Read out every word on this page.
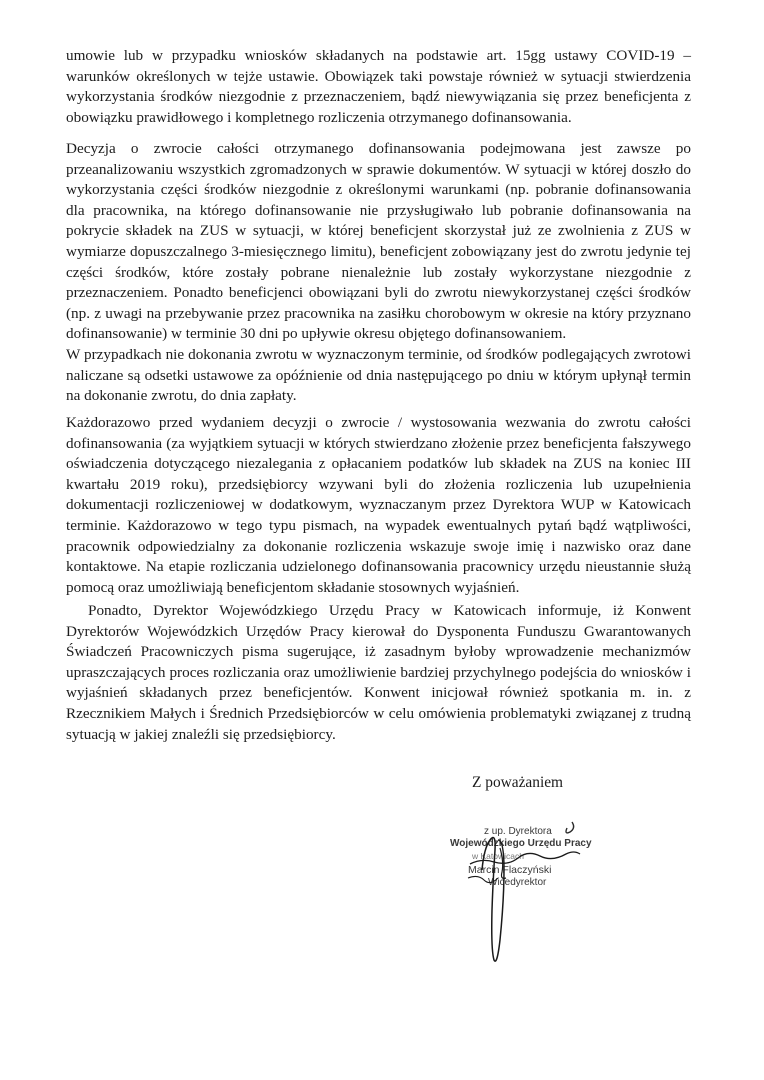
umowie lub w przypadku wniosków składanych na podstawie art. 15gg ustawy COVID-19 – warunków określonych w tejże ustawie. Obowiązek taki powstaje również w sytuacji stwierdzenia wykorzystania środków niezgodnie z przeznaczeniem, bądź niewywiązania się przez beneficjenta z obowiązku prawidłowego i kompletnego rozliczenia otrzymanego dofinansowania.

Decyzja o zwrocie całości otrzymanego dofinansowania podejmowana jest zawsze po przeanalizowaniu wszystkich zgromadzonych w sprawie dokumentów. W sytuacji w której doszło do wykorzystania części środków niezgodnie z określonymi warunkami (np. pobranie dofinansowania dla pracownika, na którego dofinansowanie nie przysługiwało lub pobranie dofinansowania na pokrycie składek na ZUS w sytuacji, w której beneficjent skorzystał już ze zwolnienia z ZUS w wymiarze dopuszczalnego 3-miesięcznego limitu), beneficjent zobowiązany jest do zwrotu jedynie tej części środków, które zostały pobrane nienależnie lub zostały wykorzystane niezgodnie z przeznaczeniem. Ponadto beneficjenci obowiązani byli do zwrotu niewykorzystanej części środków (np. z uwagi na przebywanie przez pracownika na zasiłku chorobowym w okresie na który przyznano dofinansowanie) w terminie 30 dni po upływie okresu objętego dofinansowaniem.

W przypadkach nie dokonania zwrotu w wyznaczonym terminie, od środków podlegających zwrotowi naliczane są odsetki ustawowe za opóźnienie od dnia następującego po dniu w którym upłynął termin na dokonanie zwrotu, do dnia zapłaty.

Każdorazowo przed wydaniem decyzji o zwrocie / wystosowania wezwania do zwrotu całości dofinansowania (za wyjątkiem sytuacji w których stwierdzano złożenie przez beneficjenta fałszywego oświadczenia dotyczącego niezalegania z opłacaniem podatków lub składek na ZUS na koniec III kwartału 2019 roku), przedsiębiorcy wzywani byli do złożenia rozliczenia lub uzupełnienia dokumentacji rozliczeniowej w dodatkowym, wyznaczanym przez Dyrektora WUP w Katowicach terminie. Każdorazowo w tego typu pismach, na wypadek ewentualnych pytań bądź wątpliwości, pracownik odpowiedzialny za dokonanie rozliczenia wskazuje swoje imię i nazwisko oraz dane kontaktowe. Na etapie rozliczania udzielonego dofinansowania pracownicy urzędu nieustannie służą pomocą oraz umożliwiają beneficjentom składanie stosownych wyjaśnień.

Ponadto, Dyrektor Wojewódzkiego Urzędu Pracy w Katowicach informuje, iż Konwent Dyrektorów Wojewódzkich Urzędów Pracy kierował do Dysponenta Funduszu Gwarantowanych Świadczeń Pracowniczych pisma sugerujące, iż zasadnym byłoby wprowadzenie mechanizmów upraszczających proces rozliczania oraz umożliwienie bardziej przychylnego podejścia do wniosków i wyjaśnień składanych przez beneficjentów. Konwent inicjował również spotkania m. in. z Rzecznikiem Małych i Średnich Przedsiębiorców w celu omówienia problematyki związanej z trudną sytuacją w jakiej znaleźli się przedsiębiorcy.

Z poważaniem

z up. Dyrektora
Wojewódzkiego Urzędu Pracy
w Katowicach
Marcin Flaczyński
Wicedyrektor
